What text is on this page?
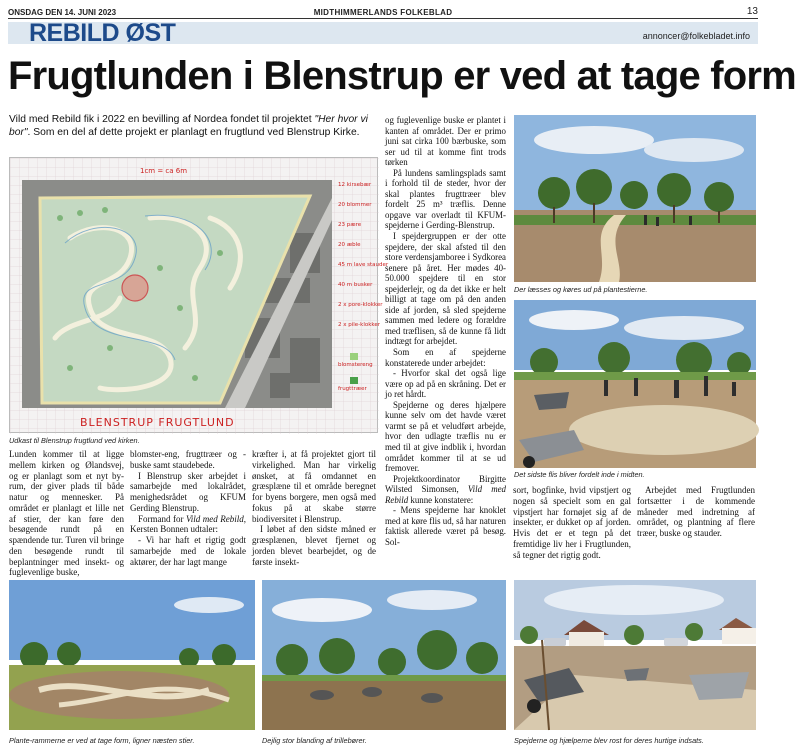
ONSDAG DEN 14. JUNI 2023	MIDTHIMMERLANDS FOLKEBLAD	13
REBILD ØST	annoncer@folkebladet.info
Frugtlunden i Blenstrup er ved at tage form
Vild med Rebild fik i 2022 en bevilling af Nordea fondet til projektet "Her hvor vi bor". Som en del af dette projekt er planlagt en frugtlund ved Blenstrup Kirke.
1cm = ca 6m
12 kirsebær
20 blommer
23 pære
20 æble
45 m lave stauder
40 m busker
2 x pore-klokker
2 x pile-klokker
blomstereng
frugttræer
BLENSTRUP FRUGTLUND
Udkast til Blenstrup frugtlund ved kirken.

Lunden kommer til at ligge mellem kirken og Ølandsvej, og er planlagt som et nyt by-rum, der giver plads til både natur og mennesker. På området er planlagt et lille net af stier, der kan føre den besøgende rundt på en spændende tur. Turen vil bringe den besøgende rundt til beplantninger med insekt- og fuglevenlige buske,

blomster-eng, frugttræer og -buske samt staudebede.

I Blenstrup sker arbejdet i samarbejde med lokalrådet, menighedsrådet og KFUM Gerding Blenstrup.

Formand for Vild med Rebild, Kersten Bonnen udtaler:

- Vi har haft et rigtig godt samarbejde med de lokale aktører, der har lagt mange

kræfter i, at få projektet gjort til virkelighed. Man har virkelig ønsket, at få omdannet en græsplæne til et område beregnet for byens borgere, men også med fokus på at skabe større biodiversitet i Blenstrup.

I løbet af den sidste måned er græsplænen, blevet fjernet og jorden blevet bearbejdet, og de første insekt-

og fuglevenlige buske er plantet i kanten af området. Der er primo juni sat cirka 100 bærbuske, som ser ud til at komme fint trods tørken

På lundens samlingsplads samt i forhold til de steder, hvor der skal plantes frugttræer blev fordelt 25 m³ træflis. Denne opgave var overladt til KFUM-spejderne i Gerding-Blenstrup.

I spejdergruppen er der otte spejdere, der skal afsted til den store verdensjamboree i Sydkorea senere på året. Her mødes 40-50.000 spejdere til en stor spejderlejr, og da det ikke er helt billigt at tage om på den anden side af jorden, så sled spejderne sammen med ledere og forældre med træflisen, så de kunne få lidt indtægt for arbejdet.

Som en af spejderne konstaterede under arbejdet:

- Hvorfor skal det også lige være op ad på en skråning. Det er jo ret hårdt.

Spejderne og deres hjælpere kunne selv om det havde været varmt se på et veludført arbejde, hvor den udlagte træflis nu er med til at give indblik i, hvordan området kommer til at se ud fremover.

Projektkoordinator Birgitte Wilsted Simonsen, Vild med Rebild kunne konstatere:

- Mens spejderne har knoklet med at køre flis ud, så har naturen faktisk allerede været på besøg. Sol-

sort, bogfinke, hvid vipstjert og nogen så specielt som en gal vipstjert har fornøjet sig af de insekter, er dukket op af jorden. Hvis det er et tegn på det fremtidige liv her i Frugtlunden, så tegner det rigtig godt.

Arbejdet med Frugtlunden fortsætter i de kommende måneder med indretning af området, og plantning af flere træer, buske og stauder.

Der læsses og køres ud på plantestierne.
Det sidste flis bliver fordelt inde i midten.
Plante-rammerne er ved at tage form, ligner næsten stier.	Dejlig stor blanding af trillebører.	Spejderne og hjælperne blev rost for deres hurtige indsats.
